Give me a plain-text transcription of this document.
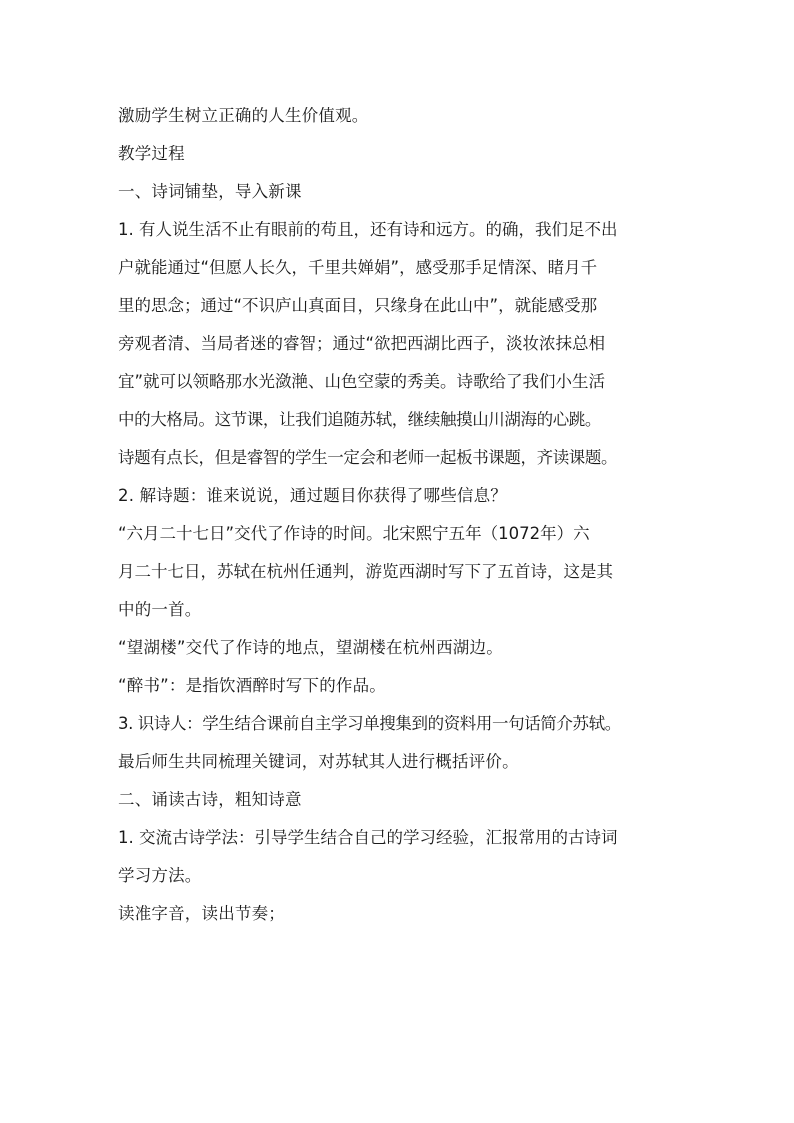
激励学生树立正确的人生价值观。
教学过程
一、诗词铺垫，导入新课
1. 有人说生活不止有眼前的苟且，还有诗和远方。的确，我们足不出
户就能通过“但愿人长久，千里共婵娟”，感受那手足情深、睹月千
里的思念；通过“不识庐山真面目，只缘身在此山中”，就能感受那
旁观者清、当局者迷的睿智；通过“欲把西湖比西子，淡妆浓抹总相
宜”就可以领略那水光潋滟、山色空蒙的秀美。诗歌给了我们小生活
中的大格局。这节课，让我们追随苏轼，继续触摸山川湖海的心跳。
诗题有点长，但是睿智的学生一定会和老师一起板书课题，齐读课题。
2. 解诗题：谁来说说，通过题目你获得了哪些信息？
“六月二十七日”交代了作诗的时间。北宋熙宁五年（1072年）六
月二十七日，苏轼在杭州任通判，游览西湖时写下了五首诗，这是其
中的一首。
“望湖楼”交代了作诗的地点，望湖楼在杭州西湖边。
“醉书”：是指饮酒醉时写下的作品。
3. 识诗人：学生结合课前自主学习单搜集到的资料用一句话简介苏轼。
最后师生共同梳理关键词，对苏轼其人进行概括评价。
二、诵读古诗，粗知诗意
1. 交流古诗学法：引导学生结合自己的学习经验，汇报常用的古诗词
学习方法。
读准字音，读出节奏；
